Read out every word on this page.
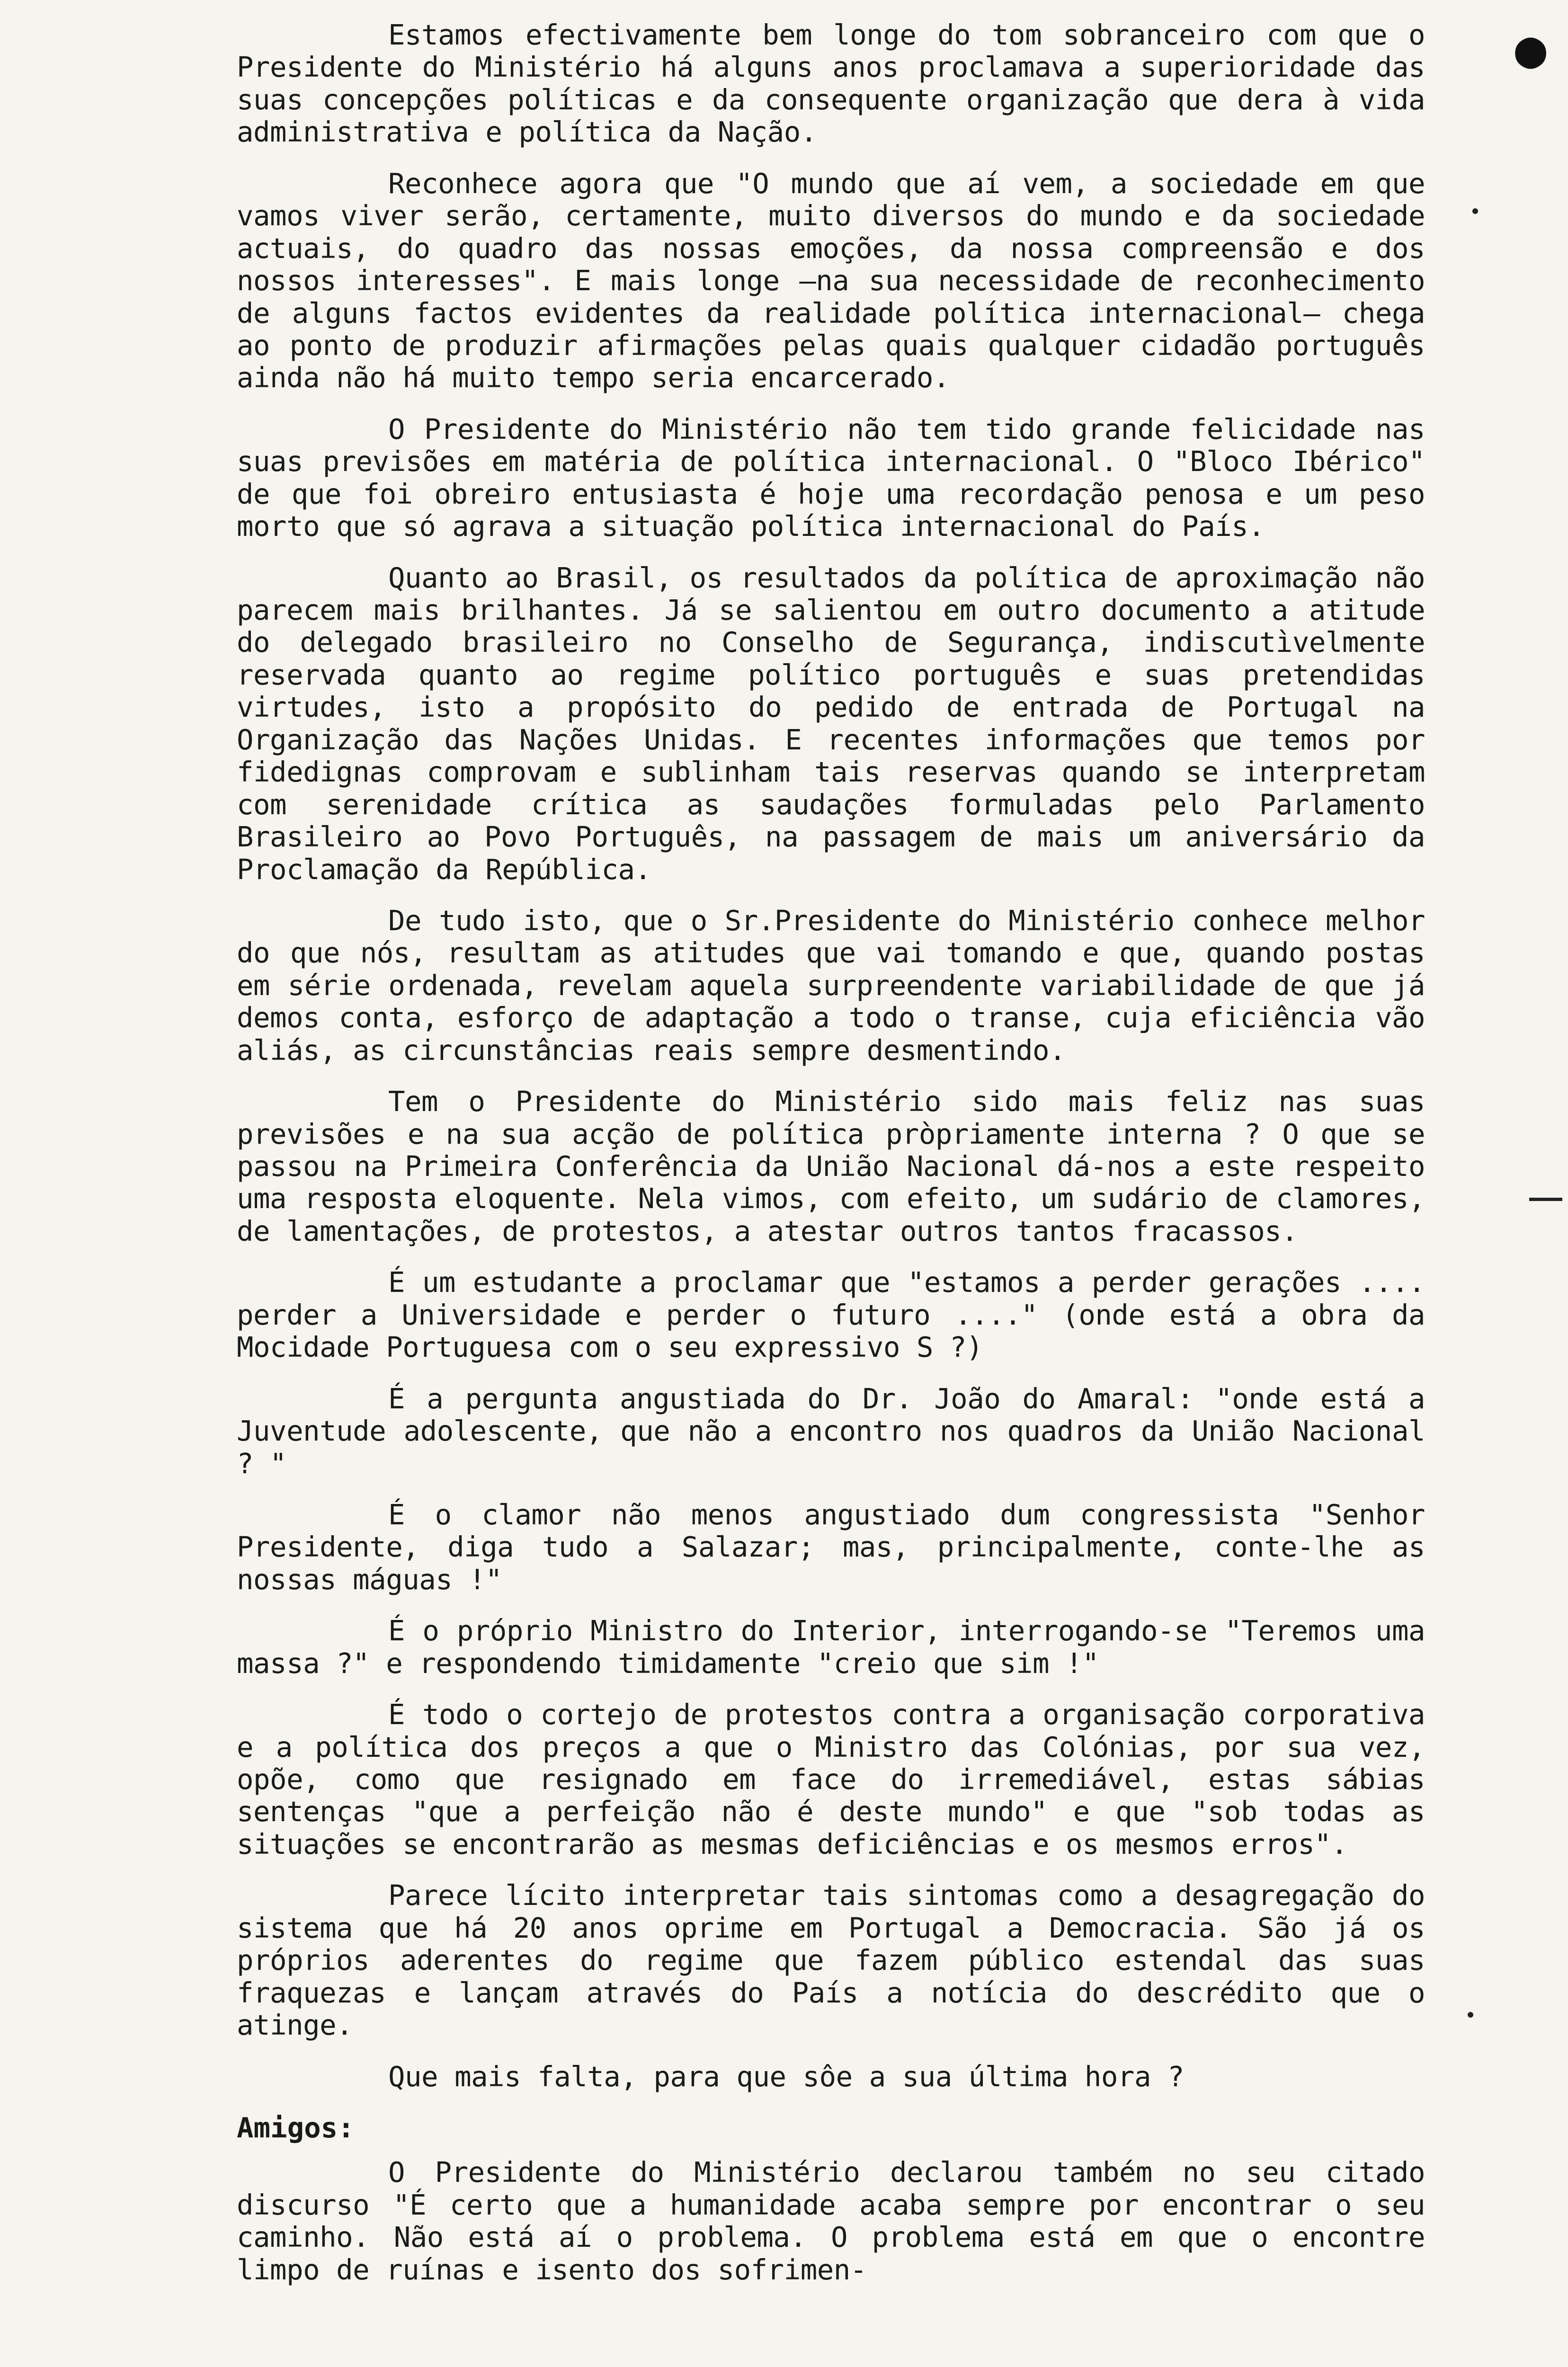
●

Estamos efectivamente bem longe do tom sobranceiro com que o Presidente do Ministério há alguns anos proclamava a superioridade das suas concepções políticas e da consequente organização que dera à vida administrativa e política da Nação.

Reconhece agora que "O mundo que aí vem, a sociedade em que vamos viver serão, certamente, muito diversos do mundo e da sociedade actuais, do quadro das nossas emoções, da nossa compreensão e dos nossos interesses". E mais longe —na sua necessidade de reconhecimento de alguns factos evidentes da realidade política internacional— chega ao ponto de produzir afirmações pelas quais qualquer cidadão português ainda não há muito tempo seria encarcerado.

O Presidente do Ministério não tem tido grande felicidade nas suas previsões em matéria de política internacional. O "Bloco Ibérico" de que foi obreiro entusiasta é hoje uma recordação penosa e um peso morto que só agrava a situação política internacional do País.

Quanto ao Brasil, os resultados da política de aproximação não parecem mais brilhantes. Já se salientou em outro documento a atitude do delegado brasileiro no Conselho de Segurança, indiscutìvelmente reservada quanto ao regime político português e suas pretendidas virtudes, isto a propósito do pedido de entrada de Portugal na Organização das Nações Unidas. E recentes informações que temos por fidedignas comprovam e sublinham tais reservas quando se interpretam com serenidade crítica as saudações formuladas pelo Parlamento Brasileiro ao Povo Português, na passagem de mais um aniversário da Proclamação da República.

De tudo isto, que o Sr.Presidente do Ministério conhece melhor do que nós, resultam as atitudes que vai tomando e que, quando postas em série ordenada, revelam aquela surpreendente variabilidade de que já demos conta, esforço de adaptação a todo o transe, cuja eficiência vão aliás, as circunstâncias reais sempre desmentindo.

Tem o Presidente do Ministério sido mais feliz nas suas previsões e na sua acção de política pròpriamente interna ? O que se passou na Primeira Conferência da União Nacional dá-nos a este respeito uma resposta eloquente. Nela vimos, com efeito, um sudário de clamores, de lamentações, de protestos, a atestar outros tantos fracassos.

É um estudante a proclamar que "estamos a perder gerações .... perder a Universidade e perder o futuro ...." (onde está a obra da Mocidade Portuguesa com o seu expressivo S ?)

É a pergunta angustiada do Dr. João do Amaral: "onde está a Juventude adolescente, que não a encontro nos quadros da União Nacional ? "

É o clamor não menos angustiado dum congressista "Senhor Presidente, diga tudo a Salazar; mas, principalmente, conte-lhe as nossas máguas !"

É o próprio Ministro do Interior, interrogando-se "Teremos uma massa ?" e respondendo timidamente "creio que sim !"

É todo o cortejo de protestos contra a organisação corporativa e a política dos preços a que o Ministro das Colónias, por sua vez, opõe, como que resignado em face do irremediável, estas sábias sentenças "que a perfeição não é deste mundo" e que "sob todas as situações se encontrarão as mesmas deficiências e os mesmos erros".

Parece lícito interpretar tais sintomas como a desagregação do sistema que há 20 anos oprime em Portugal a Democracia. São já os próprios aderentes do regime que fazem público estendal das suas fraquezas e lançam através do País a notícia do descrédito que o atinge.

Que mais falta, para que sôe a sua última hora ?

Amigos:

O Presidente do Ministério declarou também no seu citado discurso "É certo que a humanidade acaba sempre por encontrar o seu caminho. Não está aí o problema. O problema está em que o encontre limpo de ruínas e isento dos sofrimen-
